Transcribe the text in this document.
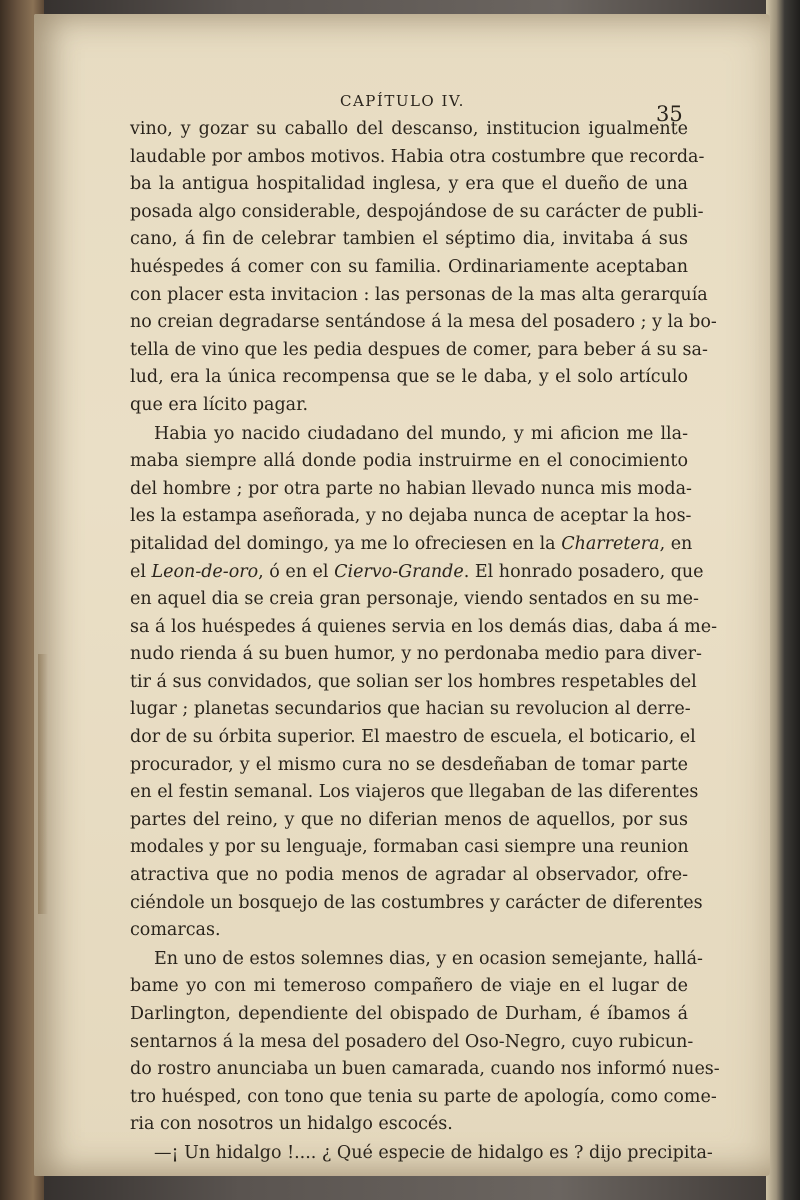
CAPÍTULO IV.
35

vino, y gozar su caballo del descanso, institucion igualmente
laudable por ambos motivos. Habia otra costumbre que recorda-
ba la antigua hospitalidad inglesa, y era que el dueño de una
posada algo considerable, despojándose de su carácter de publi-
cano, á fin de celebrar tambien el séptimo dia, invitaba á sus
huéspedes á comer con su familia. Ordinariamente aceptaban
con placer esta invitacion : las personas de la mas alta gerarquía
no creian degradarse sentándose á la mesa del posadero ; y la bo-
tella de vino que les pedia despues de comer, para beber á su sa-
lud, era la única recompensa que se le daba, y el solo artículo
que era lícito pagar.

Habia yo nacido ciudadano del mundo, y mi aficion me lla-
maba siempre allá donde podia instruirme en el conocimiento
del hombre ; por otra parte no habian llevado nunca mis moda-
les la estampa aseñorada, y no dejaba nunca de aceptar la hos-
pitalidad del domingo, ya me lo ofreciesen en la Charretera, en
el Leon-de-oro, ó en el Ciervo-Grande. El honrado posadero, que
en aquel dia se creia gran personaje, viendo sentados en su me-
sa á los huéspedes á quienes servia en los demás dias, daba á me-
nudo rienda á su buen humor, y no perdonaba medio para diver-
tir á sus convidados, que solian ser los hombres respetables del
lugar ; planetas secundarios que hacian su revolucion al derre-
dor de su órbita superior. El maestro de escuela, el boticario, el
procurador, y el mismo cura no se desdeñaban de tomar parte
en el festin semanal. Los viajeros que llegaban de las diferentes
partes del reino, y que no diferian menos de aquellos, por sus
modales y por su lenguaje, formaban casi siempre una reunion
atractiva que no podia menos de agradar al observador, ofre-
ciéndole un bosquejo de las costumbres y carácter de diferentes
comarcas.

En uno de estos solemnes dias, y en ocasion semejante, hallá-
bame yo con mi temeroso compañero de viaje en el lugar de
Darlington, dependiente del obispado de Durham, é íbamos á
sentarnos á la mesa del posadero del Oso-Negro, cuyo rubicun-
do rostro anunciaba un buen camarada, cuando nos informó nues-
tro huésped, con tono que tenia su parte de apología, como come-
ria con nosotros un hidalgo escocés.

—¡ Un hidalgo !.... ¿ Qué especie de hidalgo es ? dijo precipita-
